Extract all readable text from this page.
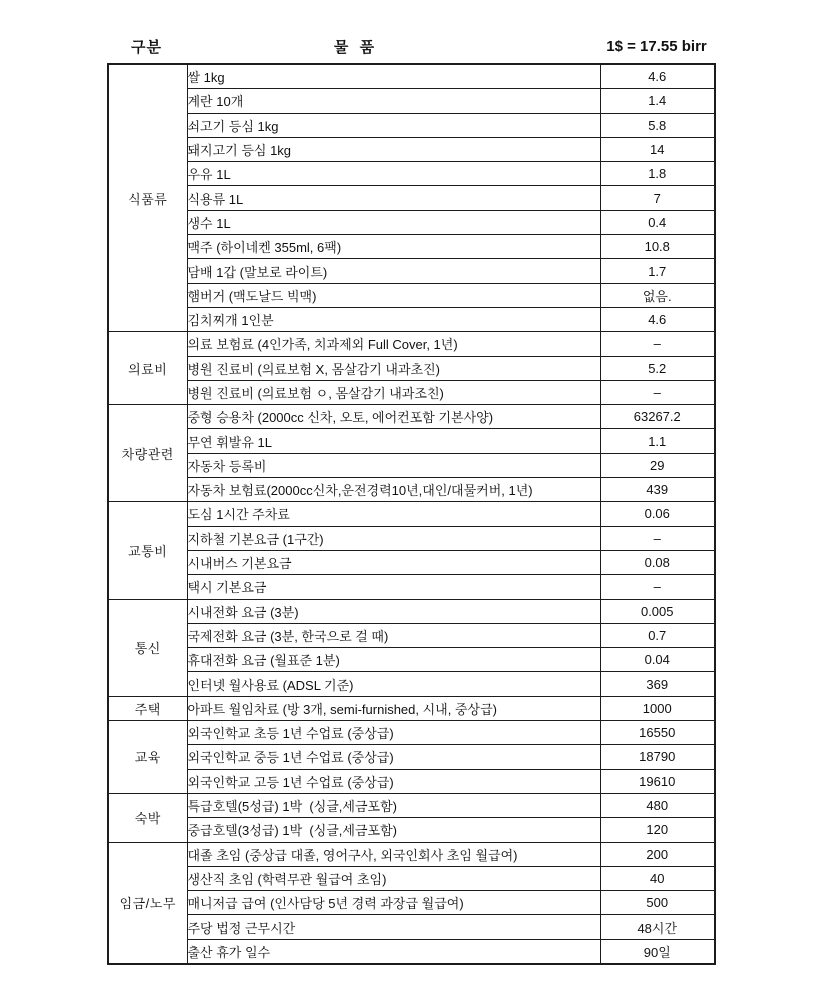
구분	물  품	1$ = 17.55 birr
식품류	쌀 1kg	4.6
	계란 10개	1.4
	쇠고기 등심 1kg	5.8
	돼지고기 등심 1kg	14
	우유 1L	1.8
	식용류 1L	7
	생수 1L	0.4
	맥주 (하이네켄 355ml, 6팩)	10.8
	담배 1갑 (말보로 라이트)	1.7
	햄버거 (맥도날드 빅맥)	없음.
	김치찌개 1인분	4.6
의료비	의료 보험료 (4인가족, 치과제외 Full Cover, 1년)	–
	병원 진료비 (의료보험 X, 몸살감기 내과초진)	5.2
	병원 진료비 (의료보험 ㅇ, 몸살감기 내과조친)	–
차량관련	중형 승용차 (2000cc 신차, 오토, 에어컨포함 기본사양)	63267.2
	무연 휘발유 1L	1.1
	자동차 등록비	29
	자동차 보험료(2000cc신차,운전경력10년,대인/대물커버, 1년)	439
교통비	도심 1시간 주차료	0.06
	지하철 기본요금 (1구간)	–
	시내버스 기본요금	0.08
	택시 기본요금	–
통신	시내전화 요금 (3분)	0.005
	국제전화 요금 (3분, 한국으로 걸 때)	0.7
	휴대전화 요금 (월표준 1분)	0.04
	인터넷 월사용료 (ADSL 기준)	369
주택	아파트 월임차료 (방 3개, semi-furnished, 시내, 중상급)	1000
교육	외국인학교 초등 1년 수업료 (중상급)	16550
	외국인학교 중등 1년 수업료 (중상급)	18790
	외국인학교 고등 1년 수업료 (중상급)	19610
숙박	특급호텔(5성급) 1박  (싱글,세금포함)	480
	중급호텔(3성급) 1박  (싱글,세금포함)	120
임금/노무	대졸 초임 (중상급 대졸, 영어구사, 외국인회사 초임 월급여)	200
	생산직 초임 (학력무관 월급여 초임)	40
	매니저급 급여 (인사담당 5년 경력 과장급 월급여)	500
	주당 법정 근무시간	48시간
	출산 휴가 일수	90일
